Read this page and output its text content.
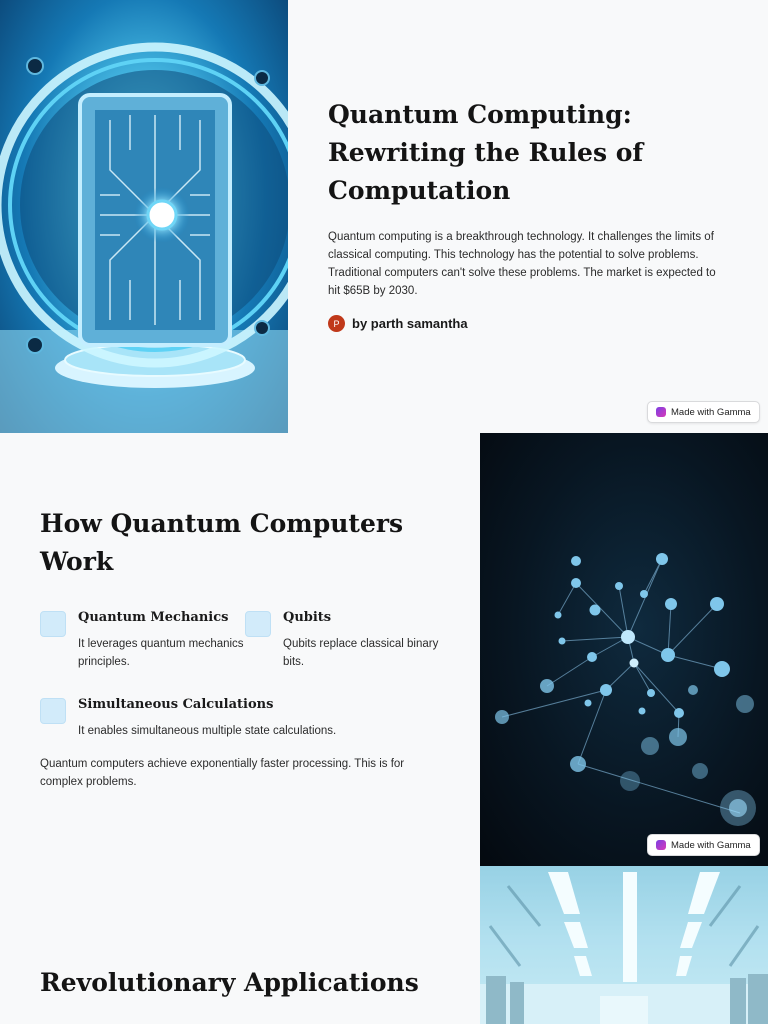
Quantum Computing: Rewriting the Rules of Computation

Quantum computing is a breakthrough technology. It challenges the limits of classical computing. This technology has the potential to solve problems. Traditional computers can't solve these problems. The market is expected to hit $65B by 2030.

P by parth samantha
Made with Gamma
How Quantum Computers Work
Quantum Mechanics
It leverages quantum mechanics principles.
Qubits
Qubits replace classical binary bits.
Simultaneous Calculations
It enables simultaneous multiple state calculations.

Quantum computers achieve exponentially faster processing. This is for complex problems.

Made with Gamma
Revolutionary Applications
